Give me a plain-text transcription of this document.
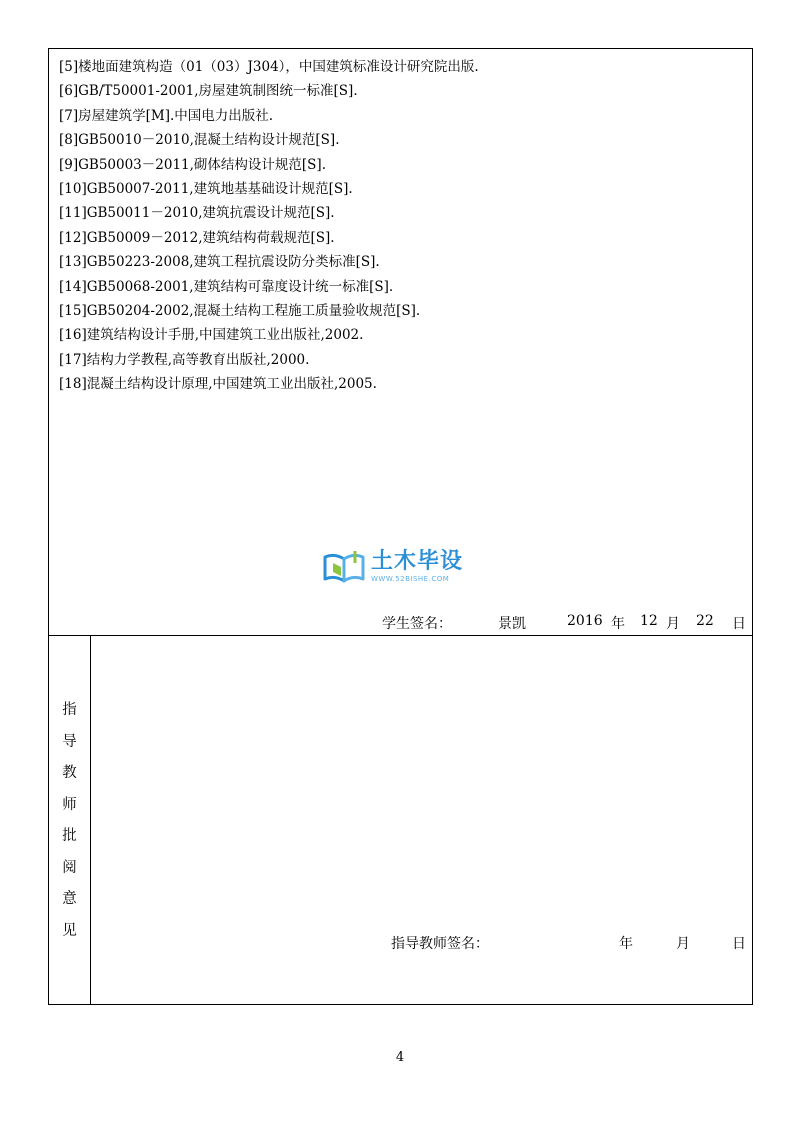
[5]楼地面建筑构造（01（03）J304），中国建筑标准设计研究院出版.
[6]GB/T50001-2001,房屋建筑制图统一标准[S].
[7]房屋建筑学[M].中国电力出版社.
[8]GB50010－2010,混凝土结构设计规范[S].
[9]GB50003－2011,砌体结构设计规范[S].
[10]GB50007-2011,建筑地基基础设计规范[S].
[11]GB50011－2010,建筑抗震设计规范[S].
[12]GB50009－2012,建筑结构荷载规范[S].
[13]GB50223-2008,建筑工程抗震设防分类标准[S].
[14]GB50068-2001,建筑结构可靠度设计统一标准[S].
[15]GB50204-2002,混凝土结构工程施工质量验收规范[S].
[16]建筑结构设计手册,中国建筑工业出版社,2002.
[17]结构力学教程,高等教育出版社,2000.
[18]混凝土结构设计原理,中国建筑工业出版社,2005.
土木毕设
WWW.52BISHE.COM
学生签名：	景凯	2016 年 12 月 22 日
指
导
教
师
批
阅
意
见
指导教师签名：	年	月	日
4
